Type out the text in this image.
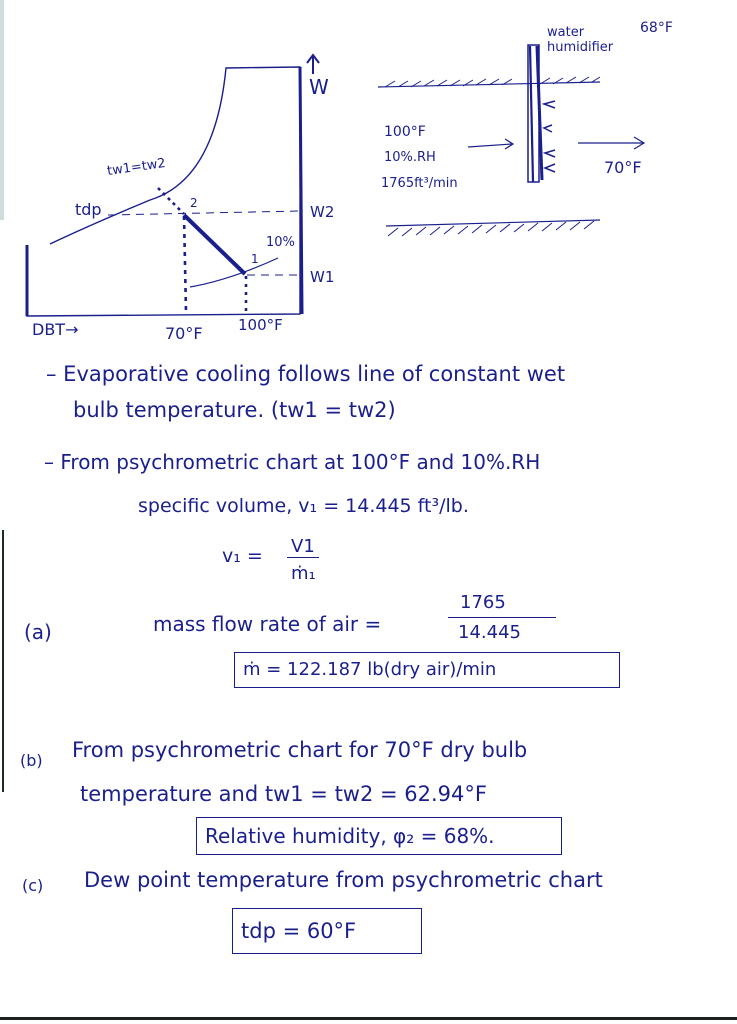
W
tw1=tw2
tdp	2
1
10%
W2
W1
DBT→	70°F 100°F
water
humidifier
68°F
100°F
10%.RH
1765ft³/min
70°F
– Evaporative cooling follows line of constant wet
bulb temperature. (tw1 = tw2)
– From psychrometric chart at 100°F and 10%.RH
specific volume, v₁ = 14.445 ft³/lb.
v₁ = V1
ṁ₁
(a)	mass flow rate of air =
1765
14.445
ṁ = 122.187 lb(dry air)/min
(b) From psychrometric chart for 70°F dry bulb
temperature and tw1 = tw2 = 62.94°F
Relative humidity, φ₂ = 68%.
(c) Dew point temperature from psychrometric chart
tdp = 60°F
